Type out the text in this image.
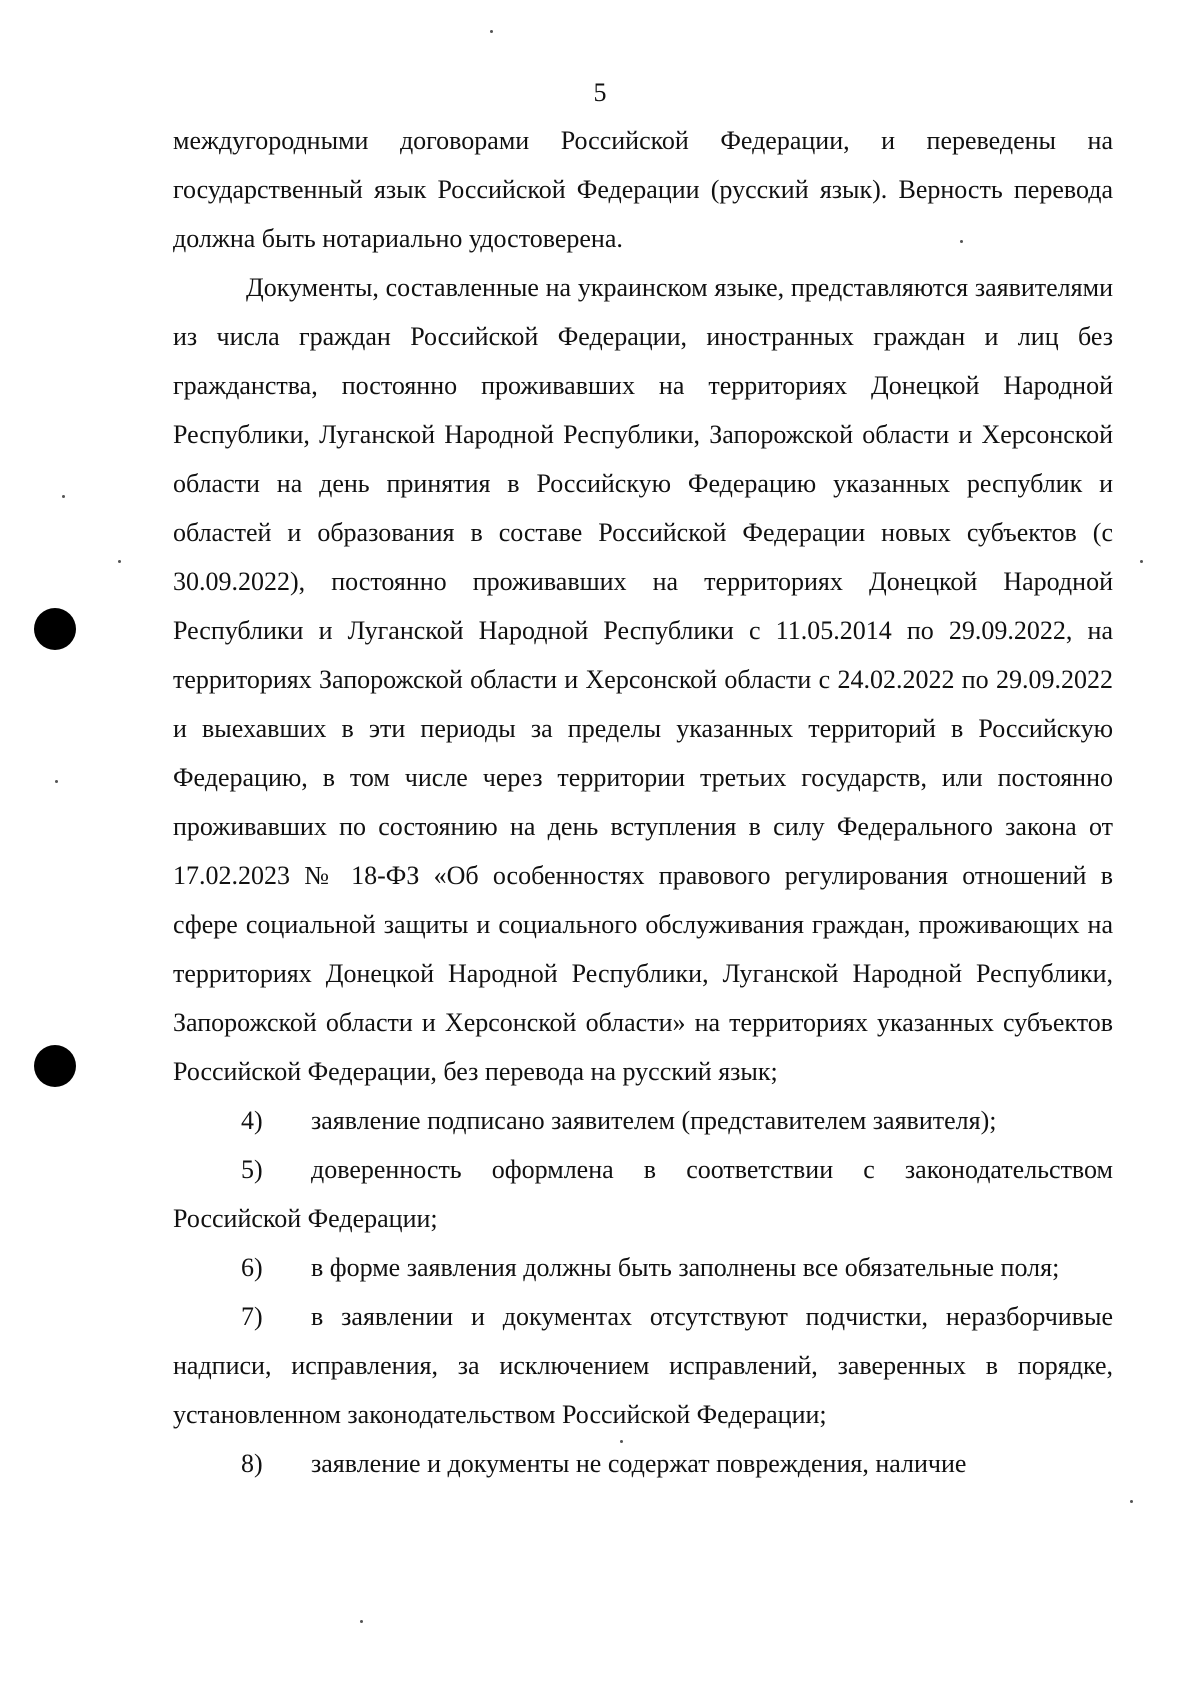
5

междугородными договорами Российской Федерации, и переведены на государственный язык Российской Федерации (русский язык). Верность перевода должна быть нотариально удостоверена.

Документы, составленные на украинском языке, представляются заявителями из числа граждан Российской Федерации, иностранных граждан и лиц без гражданства, постоянно проживавших на территориях Донецкой Народной Республики, Луганской Народной Республики, Запорожской области и Херсонской области на день принятия в Российскую Федерацию указанных республик и областей и образования в составе Российской Федерации новых субъектов (с 30.09.2022), постоянно проживавших на территориях Донецкой Народной Республики и Луганской Народной Республики с 11.05.2014 по 29.09.2022, на территориях Запорожской области и Херсонской области с 24.02.2022 по 29.09.2022 и выехавших в эти периоды за пределы указанных территорий в Российскую Федерацию, в том числе через территории третьих государств, или постоянно проживавших по состоянию на день вступления в силу Федерального закона от 17.02.2023 № 18-ФЗ «Об особенностях правового регулирования отношений в сфере социальной защиты и социального обслуживания граждан, проживающих на территориях Донецкой Народной Республики, Луганской Народной Республики, Запорожской области и Херсонской области» на территориях указанных субъектов Российской Федерации, без перевода на русский язык;

4) заявление подписано заявителем (представителем заявителя);

5) доверенность оформлена в соответствии с законодательством Российской Федерации;

6) в форме заявления должны быть заполнены все обязательные поля;

7) в заявлении и документах отсутствуют подчистки, неразборчивые надписи, исправления, за исключением исправлений, заверенных в порядке, установленном законодательством Российской Федерации;

8) заявление и документы не содержат повреждения, наличие
